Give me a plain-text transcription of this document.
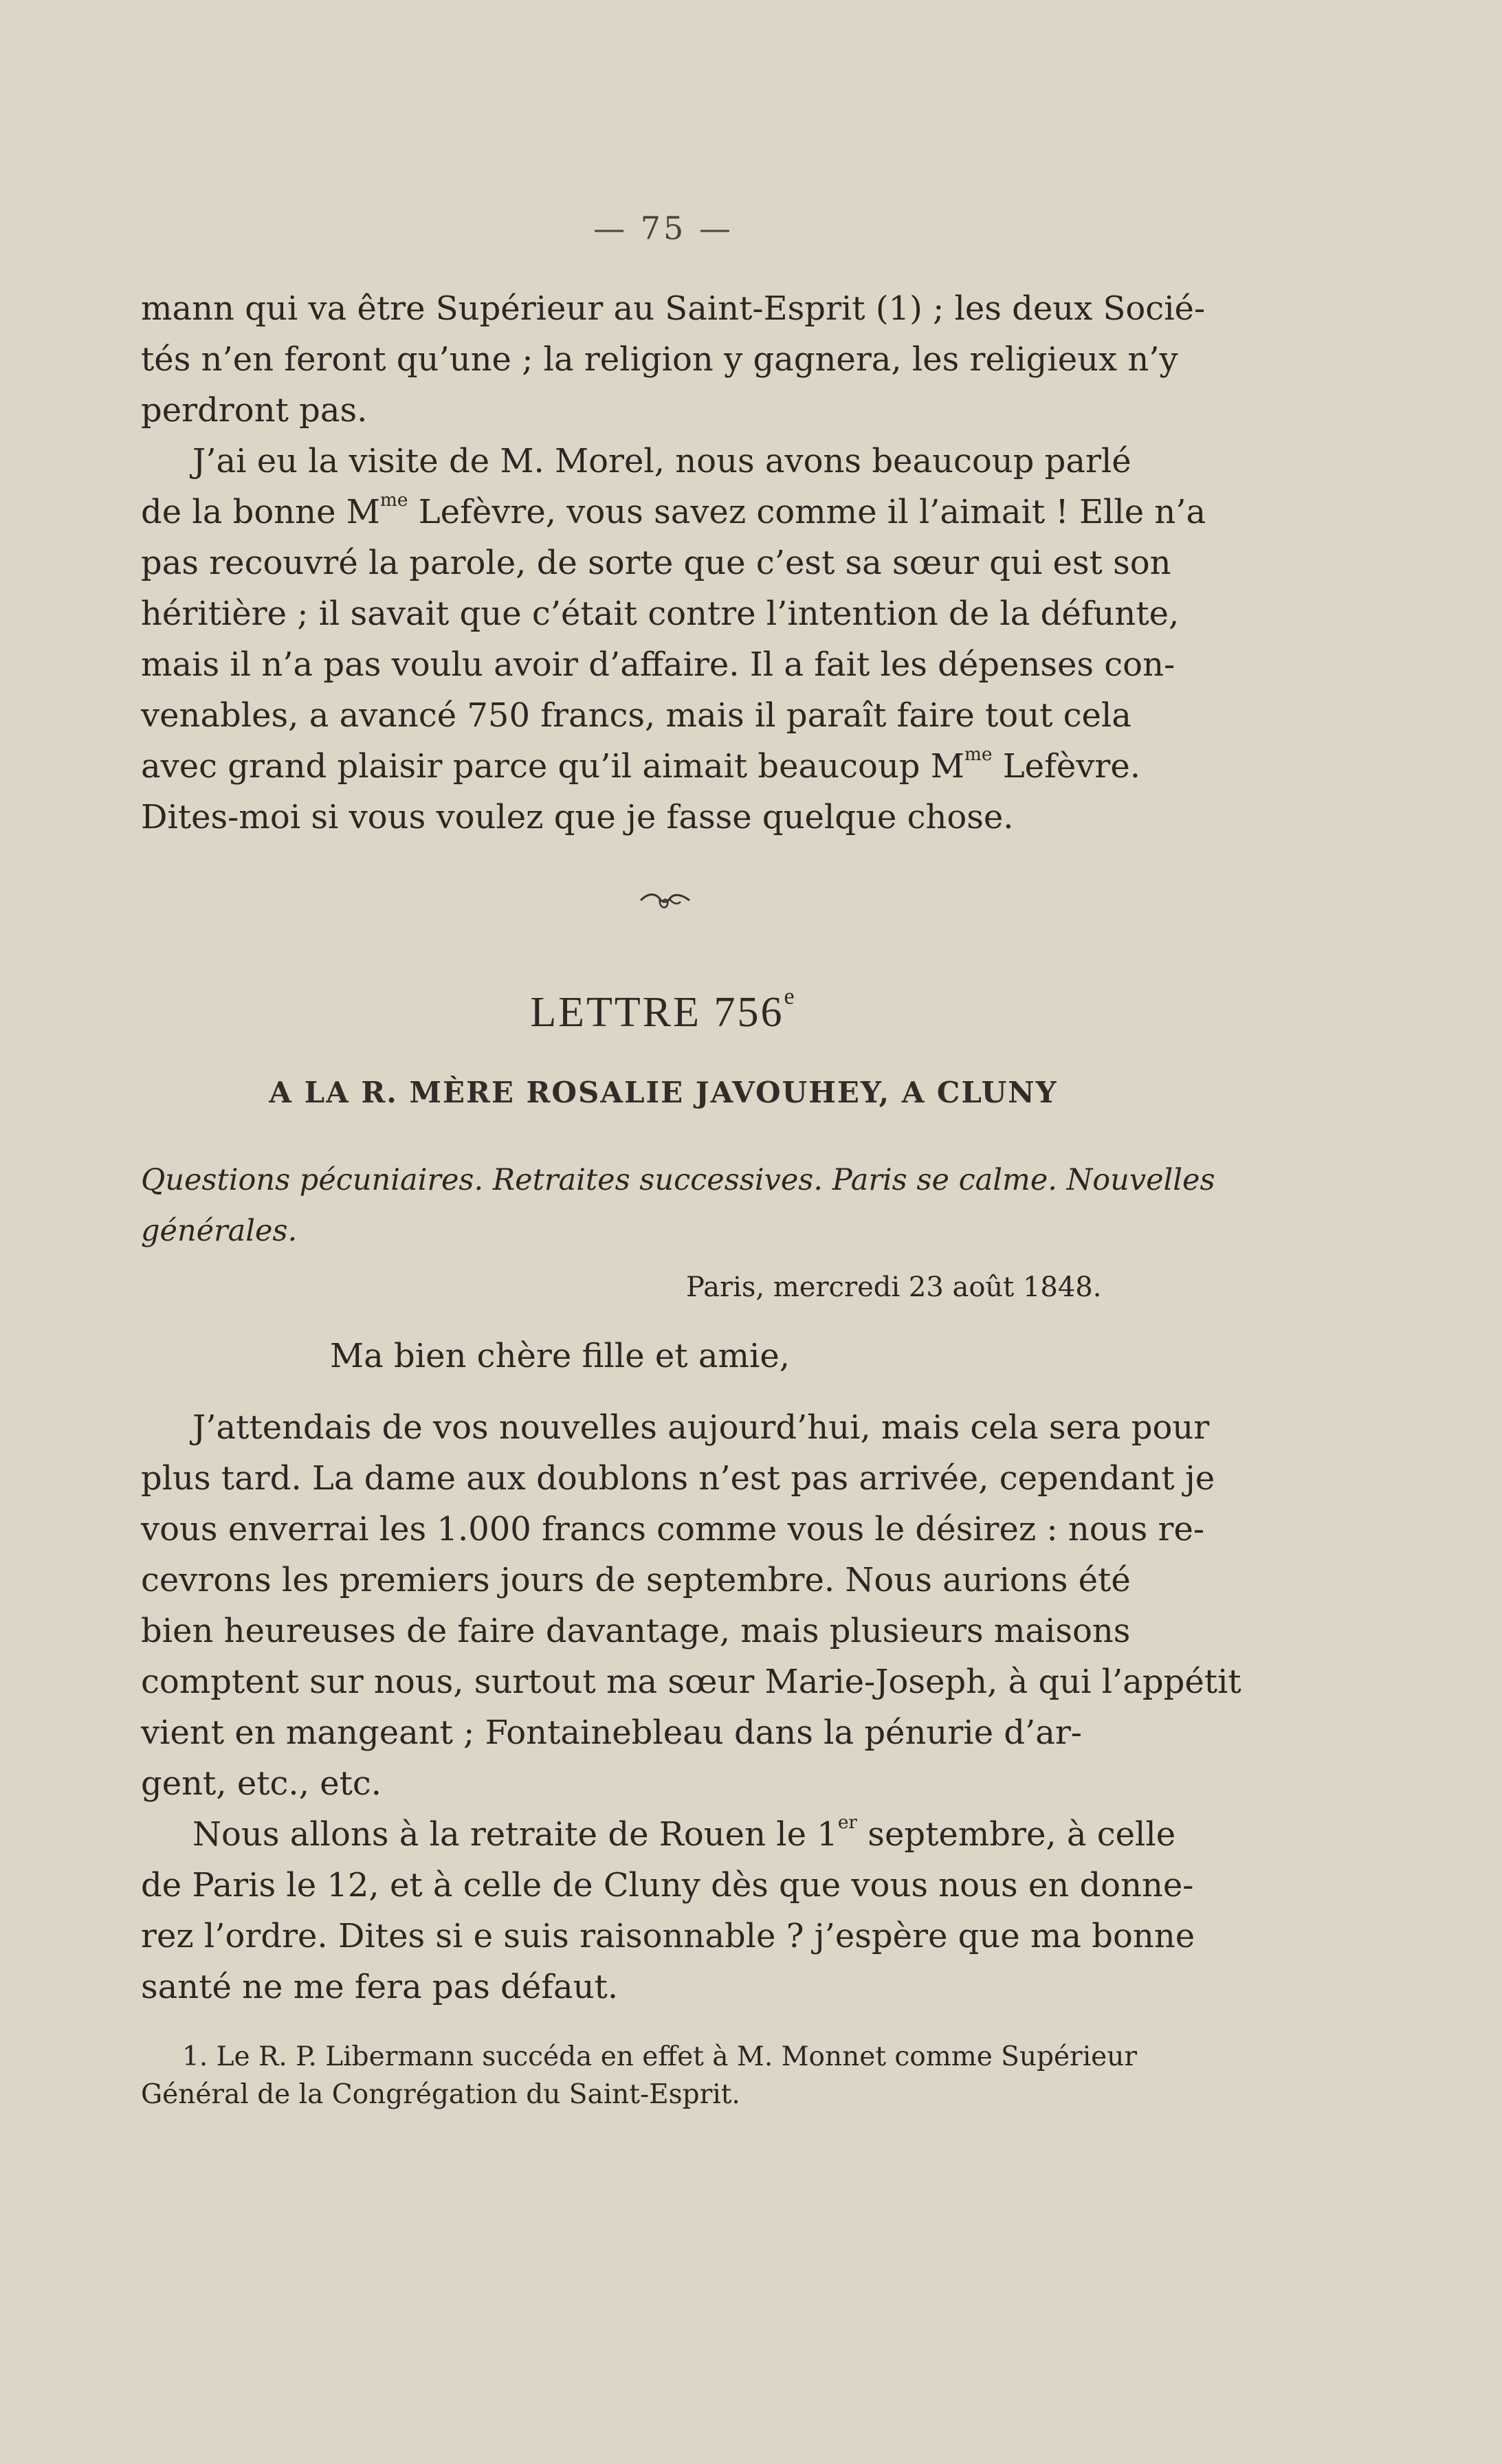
— 75 —
mann qui va être Supérieur au Saint-Esprit (1) ; les deux Socié-
tés n’en feront qu’une ; la religion y gagnera, les religieux n’y
perdront pas.
J’ai eu la visite de M. Morel, nous avons beaucoup parlé
de la bonne $M^{me}$ Lefèvre, vous savez comme il l’aimait ! Elle n’a
pas recouvré la parole, de sorte que c’est sa sœur qui est son
héritière ; il savait que c’était contre l’intention de la défunte,
mais il n’a pas voulu avoir d’affaire. Il a fait les dépenses con-
venables, a avancé 750 francs, mais il paraît faire tout cela
avec grand plaisir parce qu’il aimait beaucoup $M^{me}$ Lefèvre.
Dites-moi si vous voulez que je fasse quelque chose.
LETTRE 756e
A LA R. MÈRE ROSALIE JAVOUHEY, A CLUNY
Questions pécuniaires. Retraites successives. Paris se calme. Nouvelles
générales.
Paris, mercredi 23 août 1848.
Ma bien chère fille et amie,
J’attendais de vos nouvelles aujourd’hui, mais cela sera pour
plus tard. La dame aux doublons n’est pas arrivée, cependant je
vous enverrai les 1.000 francs comme vous le désirez : nous re-
cevrons les premiers jours de septembre. Nous aurions été
bien heureuses de faire davantage, mais plusieurs maisons
comptent sur nous, surtout ma sœur Marie-Joseph, à qui l’appétit
vient en mangeant ; Fontainebleau dans la pénurie d’ar-
gent, etc., etc.
Nous allons à la retraite de Rouen le 1er septembre, à celle
de Paris le 12, et à celle de Cluny dès que vous nous en donne-
rez l’ordre. Dites si e suis raisonnable ? j’espère que ma bonne
santé ne me fera pas défaut.
1. Le R. P. Libermann succéda en effet à M. Monnet comme Supérieur
Général de la Congrégation du Saint-Esprit.
